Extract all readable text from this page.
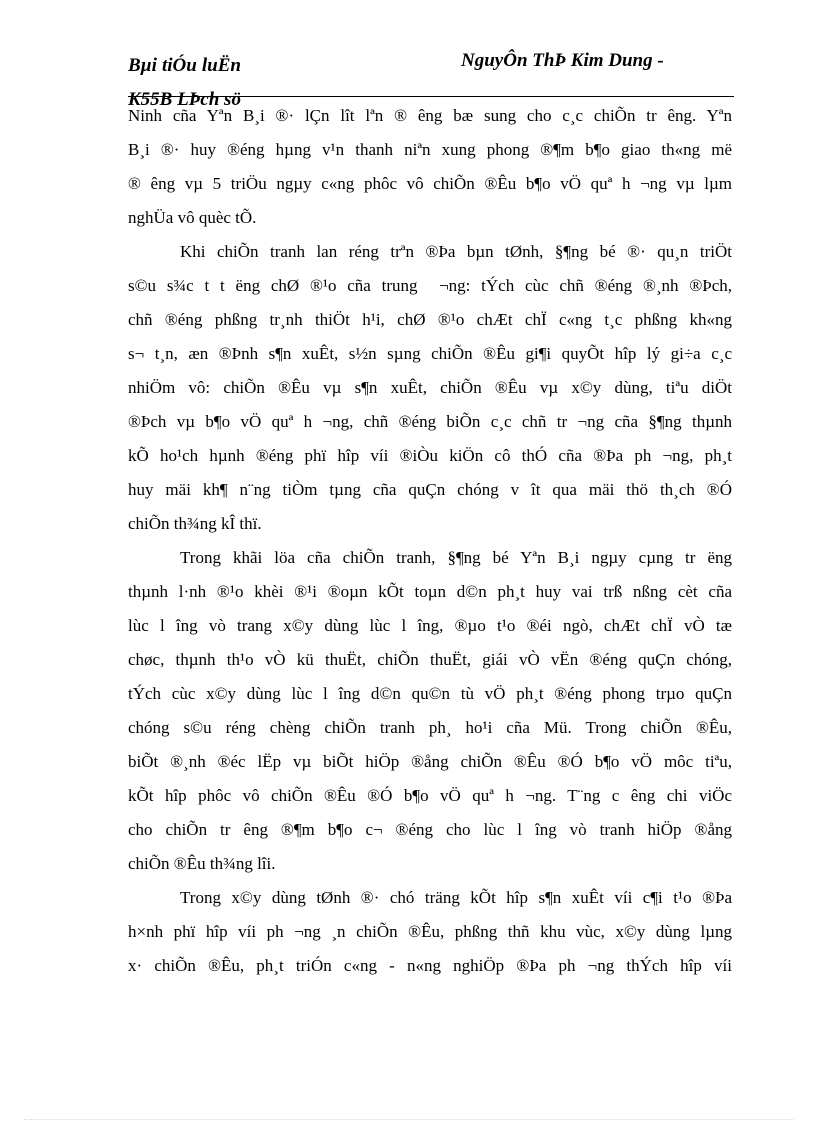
Bµi tiÓu luËn
K55B LÞch sö
NguyÔn ThÞ Kim Dung -
Ninh cña Yªn B¸i ®· lÇn lît lªn ® êng bæ sung cho c¸c chiÕn tr êng. Yªn
B¸i ®· huy ®éng hµng v¹n thanh niªn xung phong ®¶m b¶o giao th«ng më
® êng vµ 5 triÖu ngµy c«ng phôc vô chiÕn ®Êu b¶o vÖ quª h ¬ng vµ lµm
nghÜa vô quèc tÕ.
Khi chiÕn tranh lan réng trªn ®Þa bµn tØnh, §¶ng bé ®· qu¸n triÖt
s©u s¾c t t ëng chØ ®¹o cña trung ¬ng: tÝch cùc chñ ®éng ®¸nh ®Þch,
chñ ®éng phßng tr¸nh thiÖt h¹i, chØ ®¹o chÆt chÏ c«ng t¸c phßng kh«ng
s¬ t¸n, æn ®Þnh s¶n xuÊt, s½n sµng chiÕn ®Êu gi¶i quyÕt hîp lý gi÷a c¸c
nhiÖm vô: chiÕn ®Êu vµ s¶n xuÊt, chiÕn ®Êu vµ x©y dùng, tiªu diÖt
®Þch vµ b¶o vÖ quª h ¬ng, chñ ®éng biÕn c¸c chñ tr ¬ng cña §¶ng thµnh
kÕ ho¹ch hµnh ®éng phï hîp víi ®iÒu kiÖn cô thÓ cña ®Þa ph ¬ng, ph¸t
huy mäi kh¶ n¨ng tiÒm tµng cña quÇn chóng v ît qua mäi thö th¸ch ®Ó
chiÕn th¾ng kÎ thï.
Trong khãi löa cña chiÕn tranh, §¶ng bé Yªn B¸i ngµy cµng tr ëng
thµnh l·nh ®¹o khèi ®¹i ®oµn kÕt toµn d©n ph¸t huy vai trß nßng cèt cña
lùc l îng vò trang x©y dùng lùc l îng, ®µo t¹o ®éi ngò, chÆt chÏ vÒ tæ
chøc, thµnh th¹o vÒ kü thuËt, chiÕn thuËt, giái vÒ vËn ®éng quÇn chóng,
tÝch cùc x©y dùng lùc l îng d©n qu©n tù vÖ ph¸t ®éng phong trµo quÇn
chóng s©u réng chèng chiÕn tranh ph¸ ho¹i cña Mü. Trong chiÕn ®Êu,
biÕt ®¸nh ®éc lËp vµ biÕt hiÖp ®ång chiÕn ®Êu ®Ó b¶o vÖ môc tiªu,
kÕt hîp phôc vô chiÕn ®Êu ®Ó b¶o vÖ quª h ¬ng. T¨ng c êng chi viÖc
cho chiÕn tr êng ®¶m b¶o c¬ ®éng cho lùc l îng vò tranh hiÖp ®ång
chiÕn ®Êu th¾ng lîi.
Trong x©y dùng tØnh ®· chó träng kÕt hîp s¶n xuÊt víi c¶i t¹o ®Þa
h×nh phï hîp víi ph ¬ng ¸n chiÕn ®Êu, phßng thñ khu vùc, x©y dùng lµng
x· chiÕn ®Êu, ph¸t triÓn c«ng - n«ng nghiÖp ®Þa ph ¬ng thÝch hîp víi
